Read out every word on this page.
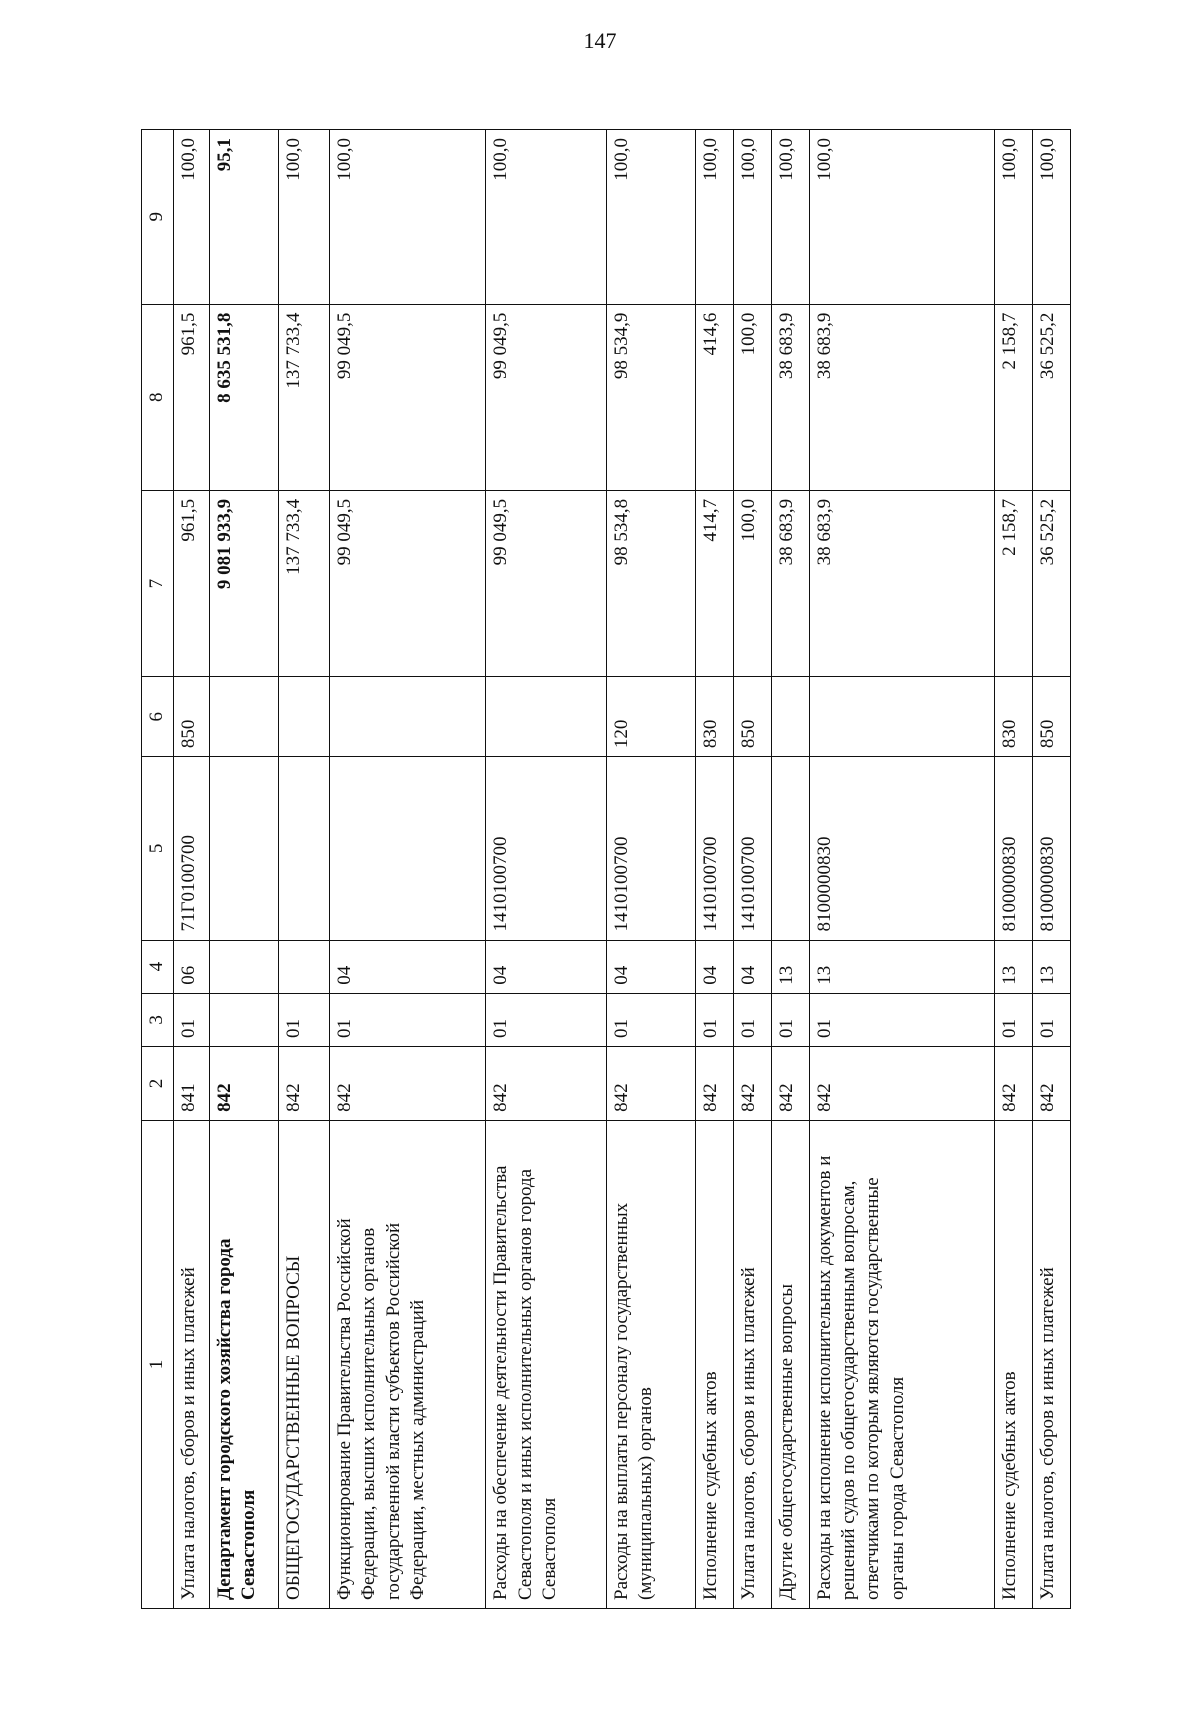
147
1	2	3	4	5	6	7	8	9
Уплата налогов, сборов и иных платежей	841	01	06	71Г0100700	850	961,5	961,5	100,0
Департамент городского хозяйства города Севастополя	842					9 081 933,9	8 635 531,8	95,1
ОБЩЕГОСУДАРСТВЕННЫЕ ВОПРОСЫ	842	01				137 733,4	137 733,4	100,0
Функционирование Правительства Российской Федерации, высших исполнительных органов государственной власти субъектов Российской Федерации, местных администраций	842	01	04			99 049,5	99 049,5	100,0
Расходы на обеспечение деятельности Правительства Севастополя и иных исполнительных органов города Севастополя	842	01	04	1410100700		99 049,5	99 049,5	100,0
Расходы на выплаты персоналу государственных (муниципальных) органов	842	01	04	1410100700	120	98 534,8	98 534,9	100,0
Исполнение судебных актов	842	01	04	1410100700	830	414,7	414,6	100,0
Уплата налогов, сборов и иных платежей	842	01	04	1410100700	850	100,0	100,0	100,0
Другие общегосударственные вопросы	842	01	13			38 683,9	38 683,9	100,0
Расходы на исполнение исполнительных документов и решений судов по общегосударственным вопросам, ответчиками по которым являются государственные органы города Севастополя	842	01	13	8100000830		38 683,9	38 683,9	100,0
Исполнение судебных актов	842	01	13	8100000830	830	2 158,7	2 158,7	100,0
Уплата налогов, сборов и иных платежей	842	01	13	8100000830	850	36 525,2	36 525,2	100,0
